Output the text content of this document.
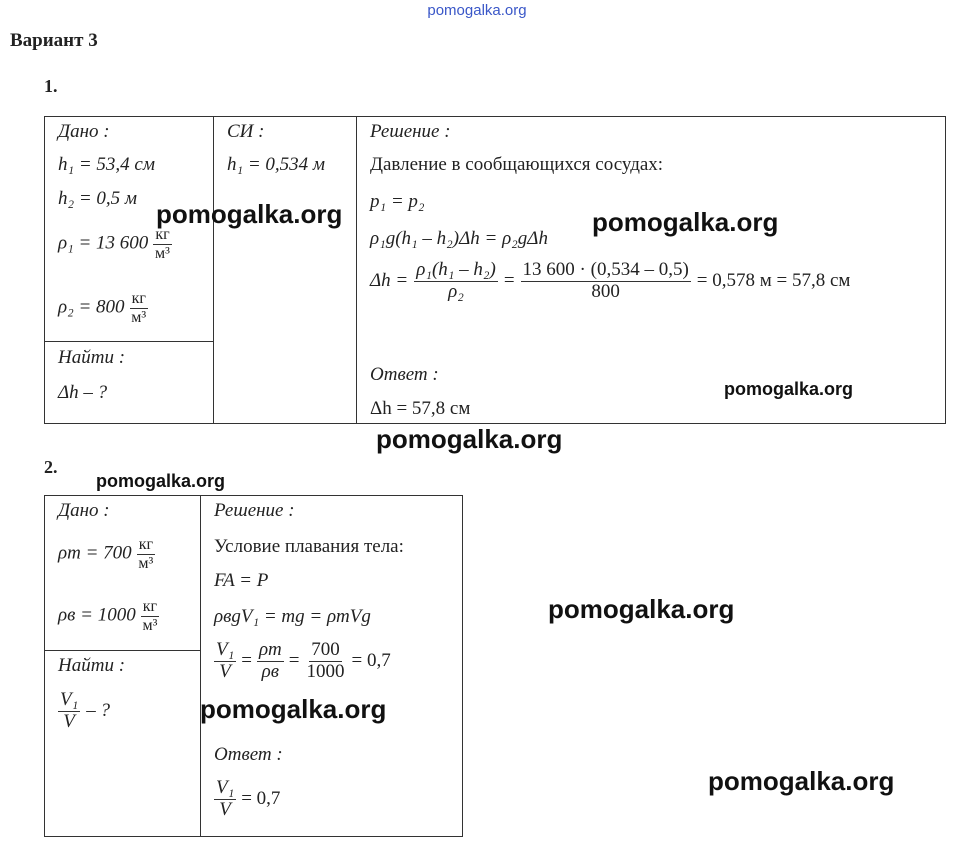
pomogalka.org
Вариант 3
1.
Дано :
h₁ = 53,4 см
h₂ = 0,5 м
ρ₁ = 13 $600 \frac{кг}{\text{м³}}$
$\rho_2 = 800 \frac{кг}{\text{м³}}$
Найти :
Δh – ?
СИ :
h₁ = 0,534 м
Решение :
Давление в сообщающихся сосудах:
p₁ = p₂
ρ₁g(h₁ – h₂)Δh = ρ₂gΔh
$\Delta h = \frac{\text{ρ₁(h₁ – h₂)}}{\text{ρ₂}} = \frac{13 600 \cdot (0,534 - 0,5)}{800} = 0,578$ м = 57,8 см
Ответ :
Δh = 57,8 см
2.
Дано :
$\rho т = 700 \frac{кг}{\text{м³}}$
$\rho в = 1000 \frac{кг}{\text{м³}}$
Найти :
$\frac{\text{V₁}}{V}$ – ?
Решение :
Условие плавания тела:
FA = P
ρвgV₁ = mg = ρтVg
$\frac{\text{V₁}}{V} = \frac{\rho т}{\rho в} = \frac{700}{1000} = 0,7$
Ответ :
$\frac{\text{V₁}}{V} = 0,7$
pomogalka.org	pomogalka.org
pomogalka.org
pomogalka.org
pomogalka.org
pomogalka.org
pomogalka.org
pomogalka.org
